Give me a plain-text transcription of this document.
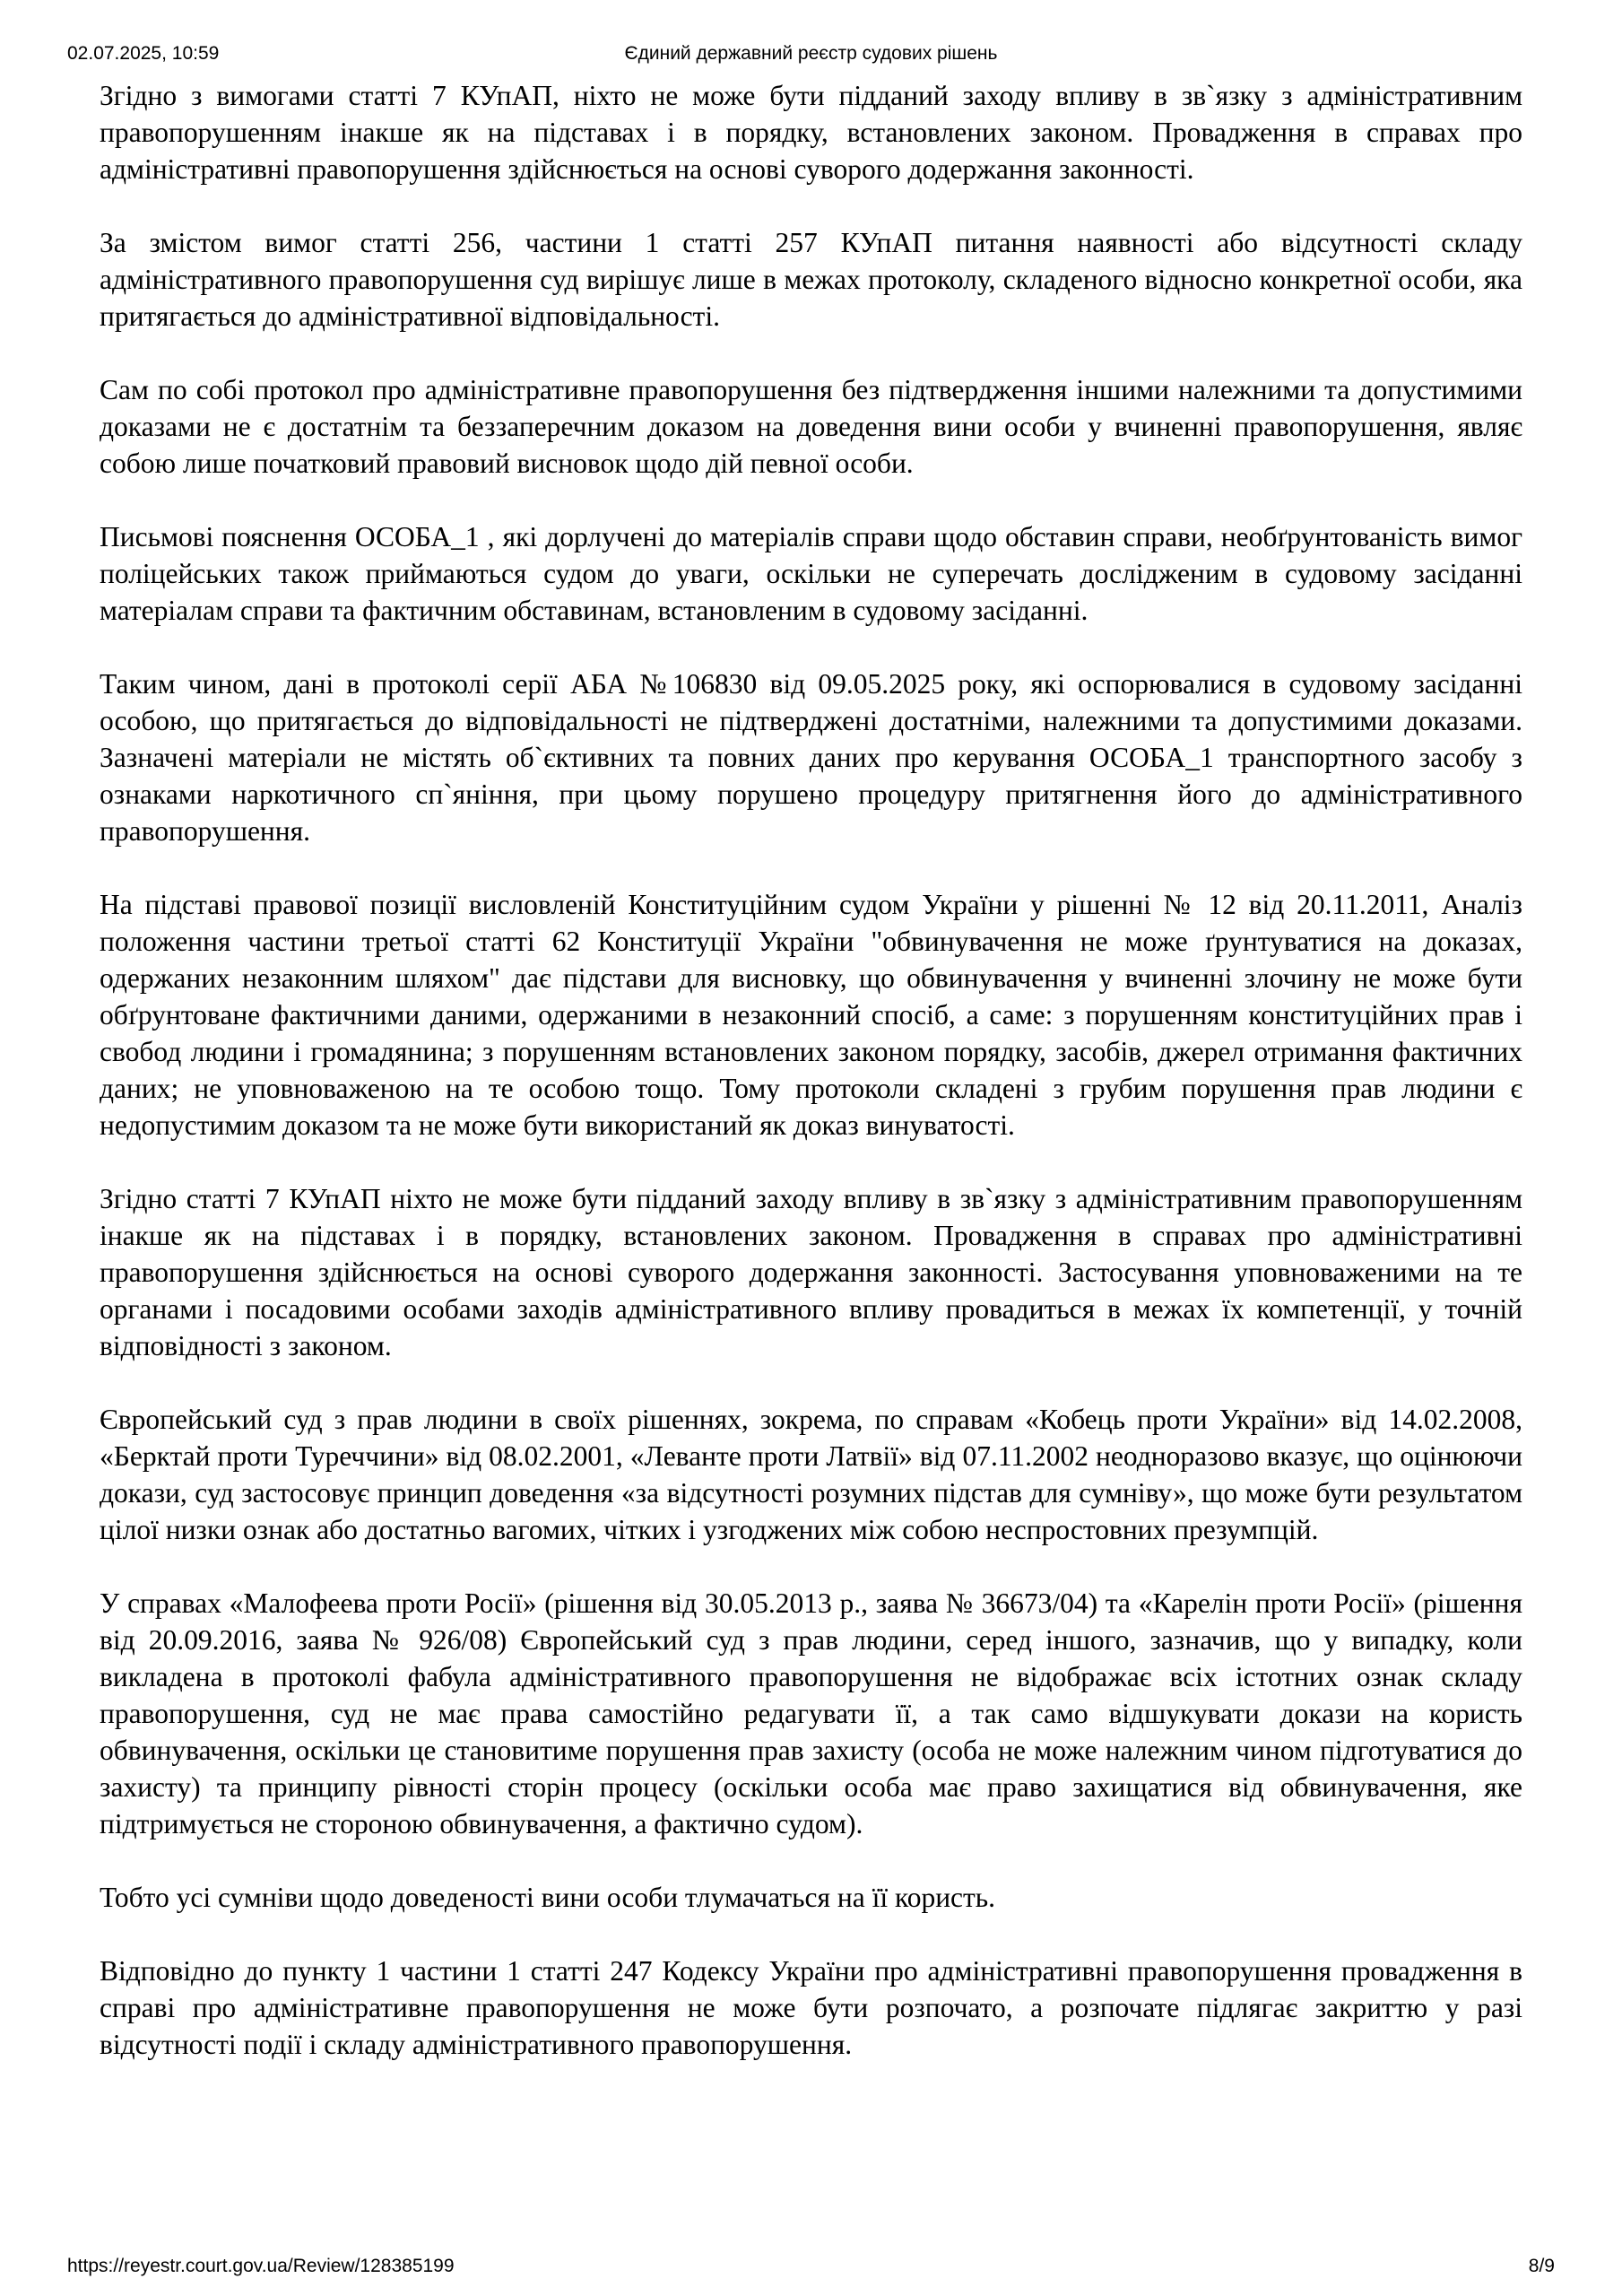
02.07.2025, 10:59	Єдиний державний реєстр судових рішень

Згідно з вимогами статті 7 КУпАП, ніхто не може бути підданий заходу впливу в зв`язку з адміністративним правопорушенням інакше як на підставах і в порядку, встановлених законом. Провадження в справах про адміністративні правопорушення здійснюється на основі суворого додержання законності.

За змістом вимог статті 256, частини 1 статті 257 КУпАП питання наявності або відсутності складу адміністративного правопорушення суд вирішує лише в межах протоколу, складеного відносно конкретної особи, яка притягається до адміністративної відповідальності.

Сам по собі протокол про адміністративне правопорушення без підтвердження іншими належними та допустимими доказами не є достатнім та беззаперечним доказом на доведення вини особи у вчиненні правопорушення, являє собою лише початковий правовий висновок щодо дій певної особи.

Письмові пояснення ОСОБА_1 , які дорлучені до матеріалів справи щодо обставин справи, необґрунтованість вимог поліцейських також приймаються судом до уваги, оскільки не суперечать дослідженим в судовому засіданні матеріалам справи та фактичним обставинам, встановленим в судовому засіданні.

Таким чином, дані в протоколі серії АБА №106830 від 09.05.2025 року, які оспорювалися в судовому засіданні особою, що притягається до відповідальності не підтверджені достатніми, належними та допустимими доказами. Зазначені матеріали не містять об`єктивних та повних даних про керування ОСОБА_1 транспортного засобу з ознаками наркотичного сп`яніння, при цьому порушено процедуру притягнення його до адміністративного правопорушення.

На підставі правової позиції висловленій Конституційним судом України у рішенні № 12 від 20.11.2011, Аналіз положення частини третьої статті 62 Конституції України "обвинувачення не може ґрунтуватися на доказах, одержаних незаконним шляхом" дає підстави для висновку, що обвинувачення у вчиненні злочину не може бути обґрунтоване фактичними даними, одержаними в незаконний спосіб, а саме: з порушенням конституційних прав і свобод людини і громадянина; з порушенням встановлених законом порядку, засобів, джерел отримання фактичних даних; не уповноваженою на те особою тощо. Тому протоколи складені з грубим порушення прав людини є недопустимим доказом та не може бути використаний як доказ винуватості.

Згідно статті 7 КУпАП ніхто не може бути підданий заходу впливу в зв`язку з адміністративним правопорушенням інакше як на підставах і в порядку, встановлених законом. Провадження в справах про адміністративні правопорушення здійснюється на основі суворого додержання законності. Застосування уповноваженими на те органами і посадовими особами заходів адміністративного впливу провадиться в межах їх компетенції, у точній відповідності з законом.

Європейський суд з прав людини в своїх рішеннях, зокрема, по справам «Кобець проти України» від 14.02.2008, «Берктай проти Туреччини» від 08.02.2001, «Леванте проти Латвії» від 07.11.2002 неодноразово вказує, що оцінюючи докази, суд застосовує принцип доведення «за відсутності розумних підстав для сумніву», що може бути результатом цілої низки ознак або достатньо вагомих, чітких і узгоджених між собою неспростовних презумпцій.

У справах «Малофеева проти Росії» (рішення від 30.05.2013 р., заява № 36673/04) та «Карелін проти Росії» (рішення від 20.09.2016, заява № 926/08) Європейський суд з прав людини, серед іншого, зазначив, що у випадку, коли викладена в протоколі фабула адміністративного правопорушення не відображає всіх істотних ознак складу правопорушення, суд не має права самостійно редагувати її, а так само відшукувати докази на користь обвинувачення, оскільки це становитиме порушення прав захисту (особа не може належним чином підготуватися до захисту) та принципу рівності сторін процесу (оскільки особа має право захищатися від обвинувачення, яке підтримується не стороною обвинувачення, а фактично судом).

Тобто усі сумніви щодо доведеності вини особи тлумачаться на її користь.

Відповідно до пункту 1 частини 1 статті 247 Кодексу України про адміністративні правопорушення провадження в справі про адміністративне правопорушення не може бути розпочато, а розпочате підлягає закриттю у разі відсутності події і складу адміністративного правопорушення.

https://reyestr.court.gov.ua/Review/128385199	8/9
